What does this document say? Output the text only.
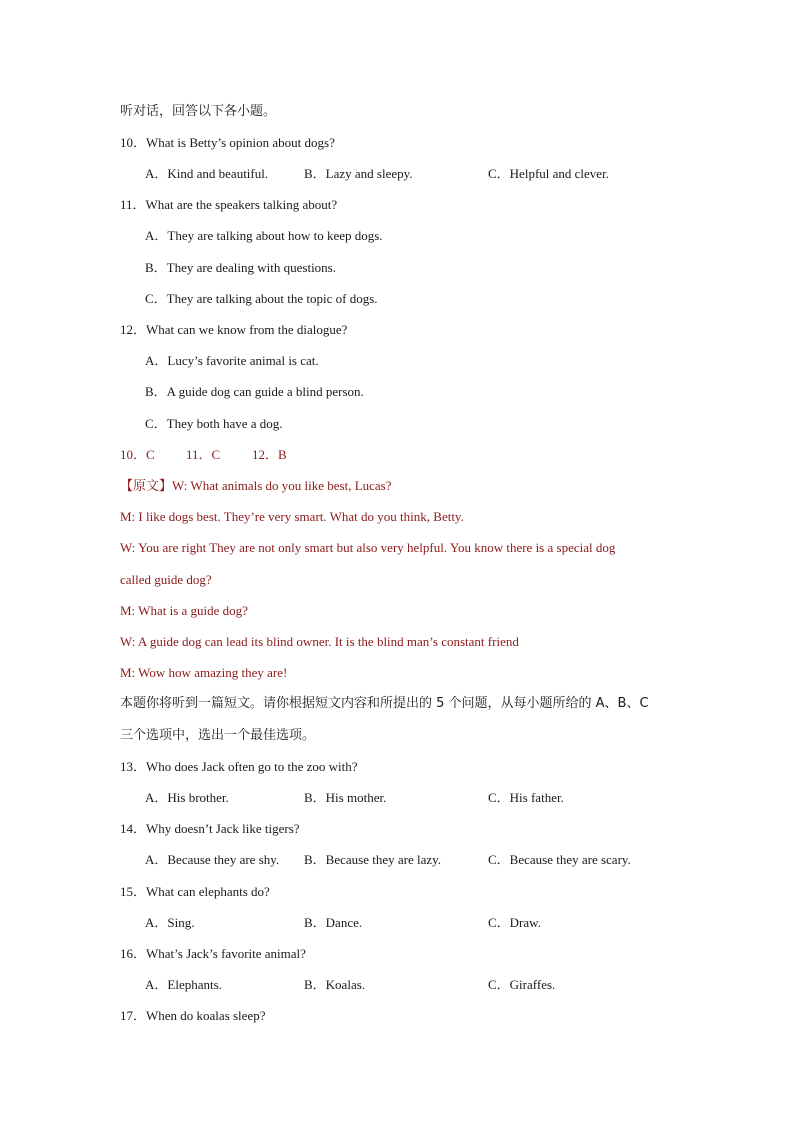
听对话，回答以下各小题。
10．What is Betty’s opinion about dogs?
A．Kind and beautiful.	B．Lazy and sleepy.	C．Helpful and clever.
11．What are the speakers talking about?
A．They are talking about how to keep dogs.
B．They are dealing with questions.
C．They are talking about the topic of dogs.
12．What can we know from the dialogue?
A．Lucy’s favorite animal is cat.
B．A guide dog can guide a blind person.
C．They both have a dog.
10．C 11．C 12．B
【原文】W: What animals do you like best, Lucas?
M: I like dogs best. They’re very smart. What do you think, Betty.
W: You are right They are not only smart but also very helpful. You know there is a special dog
called guide dog?
M: What is a guide dog?
W: A guide dog can lead its blind owner. It is the blind man’s constant friend
M: Wow how amazing they are!
本题你将听到一篇短文。请你根据短文内容和所提出的 5 个问题，从每小题所给的 A、B、C
三个选项中，选出一个最佳选项。
13．Who does Jack often go to the zoo with?
A．His brother.	B．His mother.	C．His father.
14．Why doesn’t Jack like tigers?
A．Because they are shy. B．Because they are lazy.	C．Because they are scary.
15．What can elephants do?
A．Sing.	B．Dance.	C．Draw.
16．What’s Jack’s favorite animal?
A．Elephants.	B．Koalas.	C．Giraffes.
17．When do koalas sleep?
